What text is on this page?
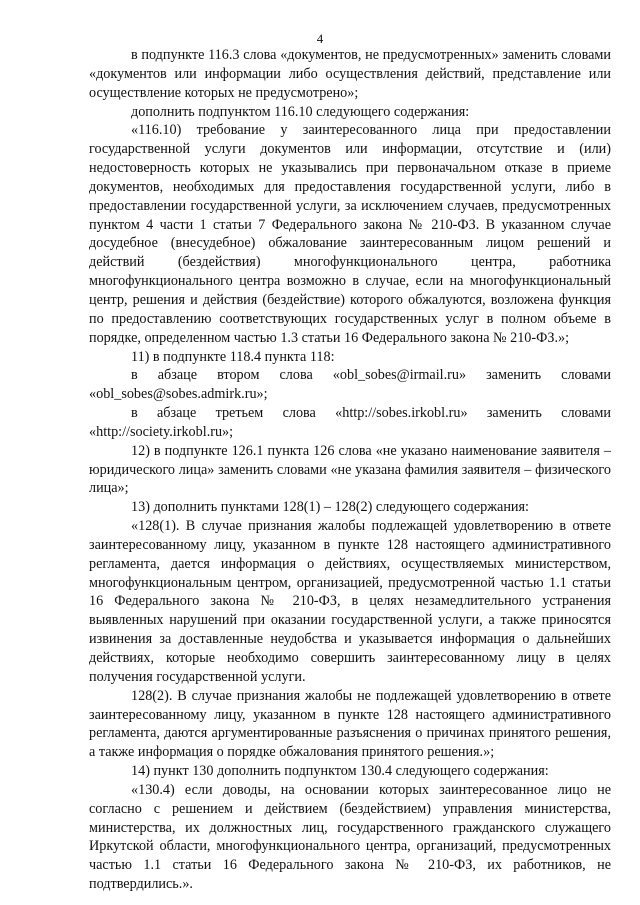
4

в подпункте 116.3 слова «документов, не предусмотренных» заменить словами «документов или информации либо осуществления действий, представление или осуществление которых не предусмотрено»;

дополнить подпунктом 116.10 следующего содержания:

«116.10) требование у заинтересованного лица при предоставлении государственной услуги документов или информации, отсутствие и (или) недостоверность которых не указывались при первоначальном отказе в приеме документов, необходимых для предоставления государственной услуги, либо в предоставлении государственной услуги, за исключением случаев, предусмотренных пунктом 4 части 1 статьи 7 Федерального закона № 210-ФЗ. В указанном случае досудебное (внесудебное) обжалование заинтересованным лицом решений и действий (бездействия) многофункционального центра, работника многофункционального центра возможно в случае, если на многофункциональный центр, решения и действия (бездействие) которого обжалуются, возложена функция по предоставлению соответствующих государственных услуг в полном объеме в порядке, определенном частью 1.3 статьи 16 Федерального закона № 210-ФЗ.»;

11) в подпункте 118.4 пункта 118:

в абзаце втором слова «obl_sobes@irmail.ru» заменить словами «obl_sobes@sobes.admirk.ru»;

в абзаце третьем слова «http://sobes.irkobl.ru» заменить словами «http://society.irkobl.ru»;

12) в подпункте 126.1 пункта 126 слова «не указано наименование заявителя – юридического лица» заменить словами «не указана фамилия заявителя – физического лица»;

13) дополнить пунктами 128(1) – 128(2) следующего содержания:

«128(1). В случае признания жалобы подлежащей удовлетворению в ответе заинтересованному лицу, указанном в пункте 128 настоящего административного регламента, дается информация о действиях, осуществляемых министерством, многофункциональным центром, организацией, предусмотренной частью 1.1 статьи 16 Федерального закона № 210-ФЗ, в целях незамедлительного устранения выявленных нарушений при оказании государственной услуги, а также приносятся извинения за доставленные неудобства и указывается информация о дальнейших действиях, которые необходимо совершить заинтересованному лицу в целях получения государственной услуги.

128(2). В случае признания жалобы не подлежащей удовлетворению в ответе заинтересованному лицу, указанном в пункте 128 настоящего административного регламента, даются аргументированные разъяснения о причинах принятого решения, а также информация о порядке обжалования принятого решения.»;

14) пункт 130 дополнить подпунктом 130.4 следующего содержания:

«130.4) если доводы, на основании которых заинтересованное лицо не согласно с решением и действием (бездействием) управления министерства, министерства, их должностных лиц, государственного гражданского служащего Иркутской области, многофункционального центра, организаций, предусмотренных частью 1.1 статьи 16 Федерального закона № 210-ФЗ, их работников, не подтвердились.».
